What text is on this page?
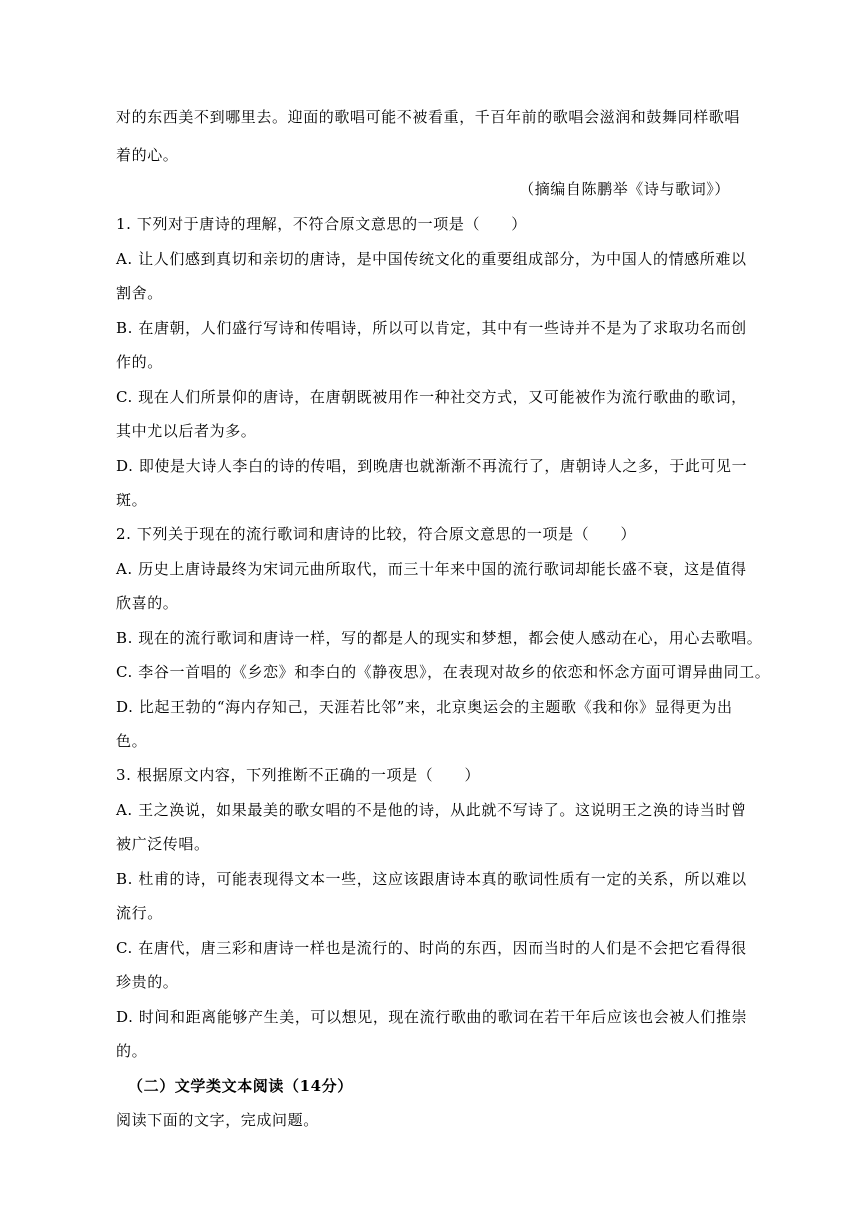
对的东西美不到哪里去。迎面的歌唱可能不被看重，千百年前的歌唱会滋润和鼓舞同样歌唱
着的心。
（摘编自陈鹏举《诗与歌词》）
1. 下列对于唐诗的理解，不符合原文意思的一项是（　　）
A. 让人们感到真切和亲切的唐诗，是中国传统文化的重要组成部分，为中国人的情感所难以
割舍。
B. 在唐朝，人们盛行写诗和传唱诗，所以可以肯定，其中有一些诗并不是为了求取功名而创
作的。
C. 现在人们所景仰的唐诗，在唐朝既被用作一种社交方式，又可能被作为流行歌曲的歌词，
其中尤以后者为多。
D. 即使是大诗人李白的诗的传唱，到晚唐也就渐渐不再流行了，唐朝诗人之多，于此可见一
斑。
2. 下列关于现在的流行歌词和唐诗的比较，符合原文意思的一项是（　　）
A. 历史上唐诗最终为宋词元曲所取代，而三十年来中国的流行歌词却能长盛不衰，这是值得
欣喜的。
B. 现在的流行歌词和唐诗一样，写的都是人的现实和梦想，都会使人感动在心，用心去歌唱。
C. 李谷一首唱的《乡恋》和李白的《静夜思》，在表现对故乡的依恋和怀念方面可谓异曲同工。
D. 比起王勃的“海内存知己，天涯若比邻”来，北京奥运会的主题歌《我和你》显得更为出
色。
3. 根据原文内容，下列推断不正确的一项是（　　）
A. 王之涣说，如果最美的歌女唱的不是他的诗，从此就不写诗了。这说明王之涣的诗当时曾
被广泛传唱。
B. 杜甫的诗，可能表现得文本一些，这应该跟唐诗本真的歌词性质有一定的关系，所以难以
流行。
C. 在唐代，唐三彩和唐诗一样也是流行的、时尚的东西，因而当时的人们是不会把它看得很
珍贵的。
D. 时间和距离能够产生美，可以想见，现在流行歌曲的歌词在若干年后应该也会被人们推崇
的。
（二）文学类文本阅读（14分）
阅读下面的文字，完成问题。
